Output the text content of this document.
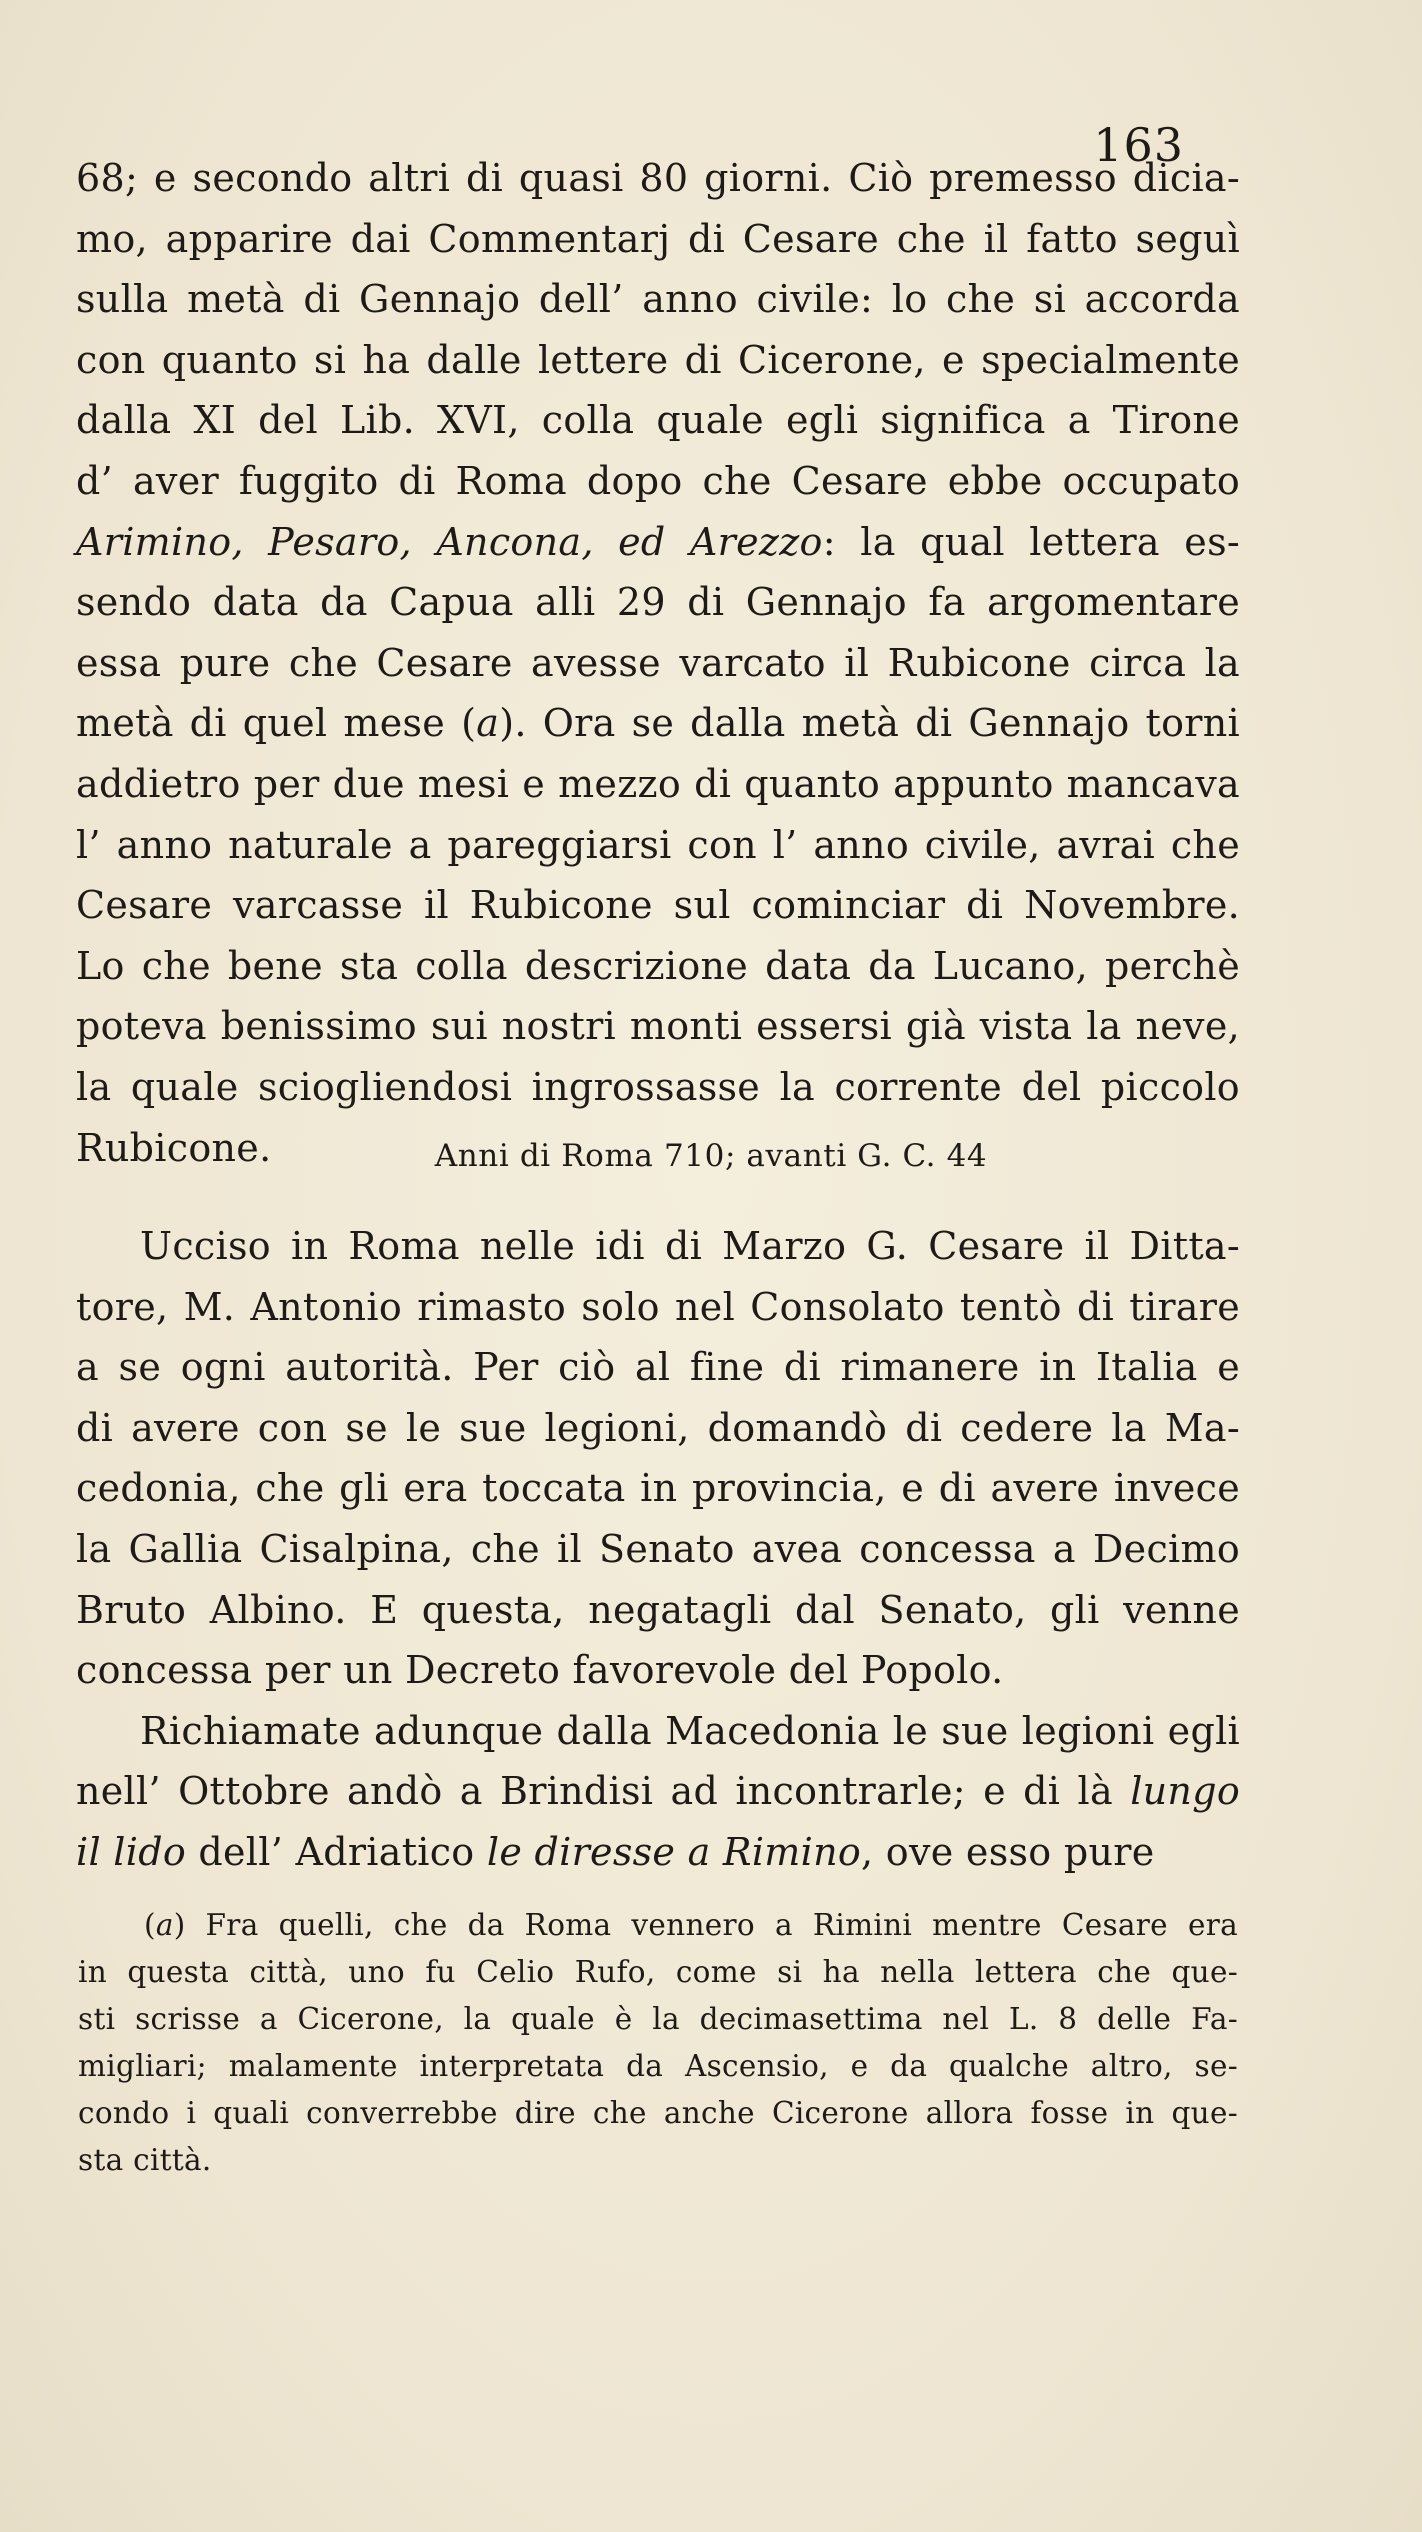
163
68; e secondo altri di quasi 80 giorni. Ciò premesso dicia-
mo, apparire dai Commentarj di Cesare che il fatto seguì
sulla metà di Gennajo dell’ anno civile: lo che si accorda
con quanto si ha dalle lettere di Cicerone, e specialmente
dalla XI del Lib. XVI, colla quale egli significa a Tirone
d’ aver fuggito di Roma dopo che Cesare ebbe occupato
Arimino, Pesaro, Ancona, ed Arezzo: la qual lettera es-
sendo data da Capua alli 29 di Gennajo fa argomentare
essa pure che Cesare avesse varcato il Rubicone circa la
metà di quel mese (a). Ora se dalla metà di Gennajo torni
addietro per due mesi e mezzo di quanto appunto mancava
l’ anno naturale a pareggiarsi con l’ anno civile, avrai che
Cesare varcasse il Rubicone sul cominciar di Novembre.
Lo che bene sta colla descrizione data da Lucano, perchè
poteva benissimo sui nostri monti essersi già vista la neve,
la quale sciogliendosi ingrossasse la corrente del piccolo
Rubicone.	Anni di Roma 710; avanti G. C. 44
Ucciso in Roma nelle idi di Marzo G. Cesare il Ditta-
tore, M. Antonio rimasto solo nel Consolato tentò di tirare
a se ogni autorità. Per ciò al fine di rimanere in Italia e
di avere con se le sue legioni, domandò di cedere la Ma-
cedonia, che gli era toccata in provincia, e di avere invece
la Gallia Cisalpina, che il Senato avea concessa a Decimo
Bruto Albino. E questa, negatagli dal Senato, gli venne
concessa per un Decreto favorevole del Popolo.
Richiamate adunque dalla Macedonia le sue legioni egli
nell’ Ottobre andò a Brindisi ad incontrarle; e di là lungo
il lido dell’ Adriatico le diresse a Rimino, ove esso pure
(a) Fra quelli, che da Roma vennero a Rimini mentre Cesare era
in questa città, uno fu Celio Rufo, come si ha nella lettera che que-
sti scrisse a Cicerone, la quale è la decimasettima nel L. 8 delle Fa-
migliari; malamente interpretata da Ascensio, e da qualche altro, se-
condo i quali converrebbe dire che anche Cicerone allora fosse in que-
sta città.
